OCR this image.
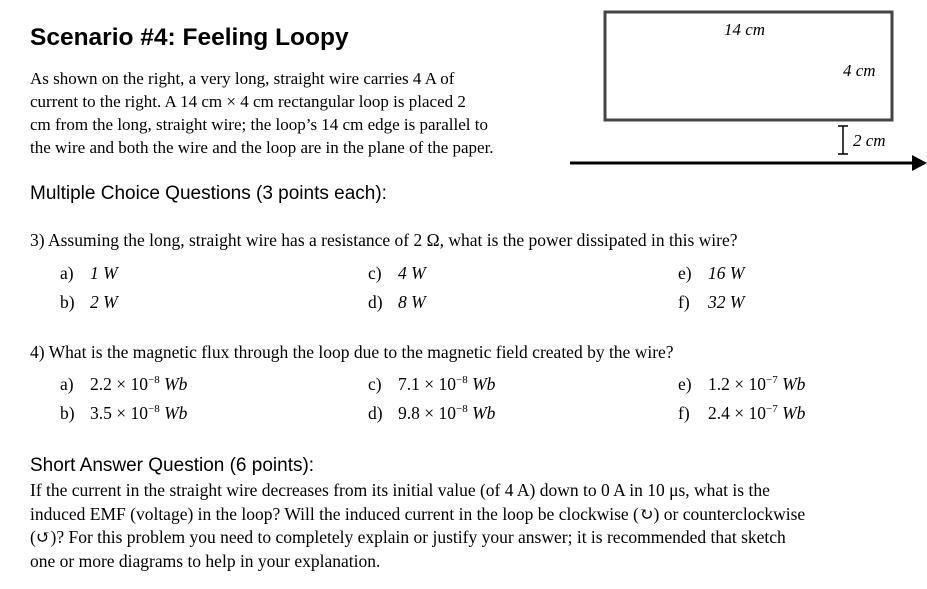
Scenario #4: Feeling Loopy
As shown on the right, a very long, straight wire carries 4 A of
current to the right. A 14 cm × 4 cm rectangular loop is placed 2
cm from the long, straight wire; the loop’s 14 cm edge is parallel to
the wire and both the wire and the loop are in the plane of the paper.
14 cm
4 cm
2 cm
Multiple Choice Questions (3 points each):
3) Assuming the long, straight wire has a resistance of 2 Ω, what is the power dissipated in this wire?
a) 1 W
b) 2 W
c) 4 W
d) 8 W
e) 16 W
f) 32 W
4) What is the magnetic flux through the loop due to the magnetic field created by the wire?
a) $2.2 \times 10^{-8}$ Wb
b) $3.5 \times 10^{-8}$ Wb
c) $7.1 \times 10^{-8}$ Wb
d) $9.8 \times 10^{-8}$ Wb
e) $1.2 \times 10^{-7}$ Wb
f) $2.4 \times 10^{-7}$ Wb
Short Answer Question (6 points):
If the current in the straight wire decreases from its initial value (of 4 A) down to 0 A in 10 μs, what is the
induced EMF (voltage) in the loop? Will the induced current in the loop be clockwise (↻) or counterclockwise
(↺)? For this problem you need to completely explain or justify your answer; it is recommended that sketch
one or more diagrams to help in your explanation.
